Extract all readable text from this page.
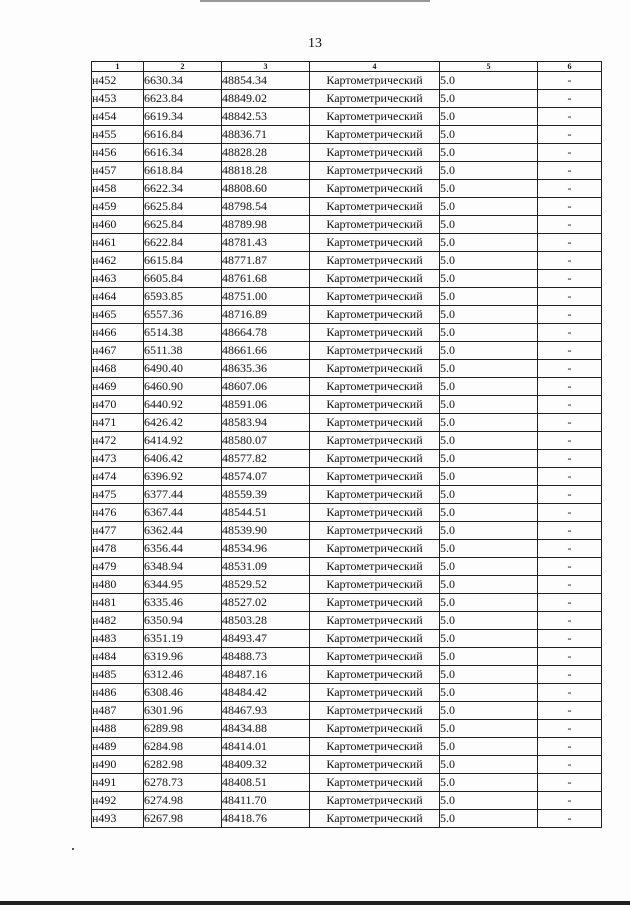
13
1	2	3	4	5	6
н452	6630.34	48854.34	Картометрический	5.0	-
н453	6623.84	48849.02	Картометрический	5.0	-
н454	6619.34	48842.53	Картометрический	5.0	-
н455	6616.84	48836.71	Картометрический	5.0	-
н456	6616.34	48828.28	Картометрический	5.0	-
н457	6618.84	48818.28	Картометрический	5.0	-
н458	6622.34	48808.60	Картометрический	5.0	-
н459	6625.84	48798.54	Картометрический	5.0	-
н460	6625.84	48789.98	Картометрический	5.0	-
н461	6622.84	48781.43	Картометрический	5.0	-
н462	6615.84	48771.87	Картометрический	5.0	-
н463	6605.84	48761.68	Картометрический	5.0	-
н464	6593.85	48751.00	Картометрический	5.0	-
н465	6557.36	48716.89	Картометрический	5.0	-
н466	6514.38	48664.78	Картометрический	5.0	-
н467	6511.38	48661.66	Картометрический	5.0	-
н468	6490.40	48635.36	Картометрический	5.0	-
н469	6460.90	48607.06	Картометрический	5.0	-
н470	6440.92	48591.06	Картометрический	5.0	-
н471	6426.42	48583.94	Картометрический	5.0	-
н472	6414.92	48580.07	Картометрический	5.0	-
н473	6406.42	48577.82	Картометрический	5.0	-
н474	6396.92	48574.07	Картометрический	5.0	-
н475	6377.44	48559.39	Картометрический	5.0	-
н476	6367.44	48544.51	Картометрический	5.0	-
н477	6362.44	48539.90	Картометрический	5.0	-
н478	6356.44	48534.96	Картометрический	5.0	-
н479	6348.94	48531.09	Картометрический	5.0	-
н480	6344.95	48529.52	Картометрический	5.0	-
н481	6335.46	48527.02	Картометрический	5.0	-
н482	6350.94	48503.28	Картометрический	5.0	-
н483	6351.19	48493.47	Картометрический	5.0	-
н484	6319.96	48488.73	Картометрический	5.0	-
н485	6312.46	48487.16	Картометрический	5.0	-
н486	6308.46	48484.42	Картометрический	5.0	-
н487	6301.96	48467.93	Картометрический	5.0	-
н488	6289.98	48434.88	Картометрический	5.0	-
н489	6284.98	48414.01	Картометрический	5.0	-
н490	6282.98	48409.32	Картометрический	5.0	-
н491	6278.73	48408.51	Картометрический	5.0	-
н492	6274.98	48411.70	Картометрический	5.0	-
н493	6267.98	48418.76	Картометрический	5.0	-
